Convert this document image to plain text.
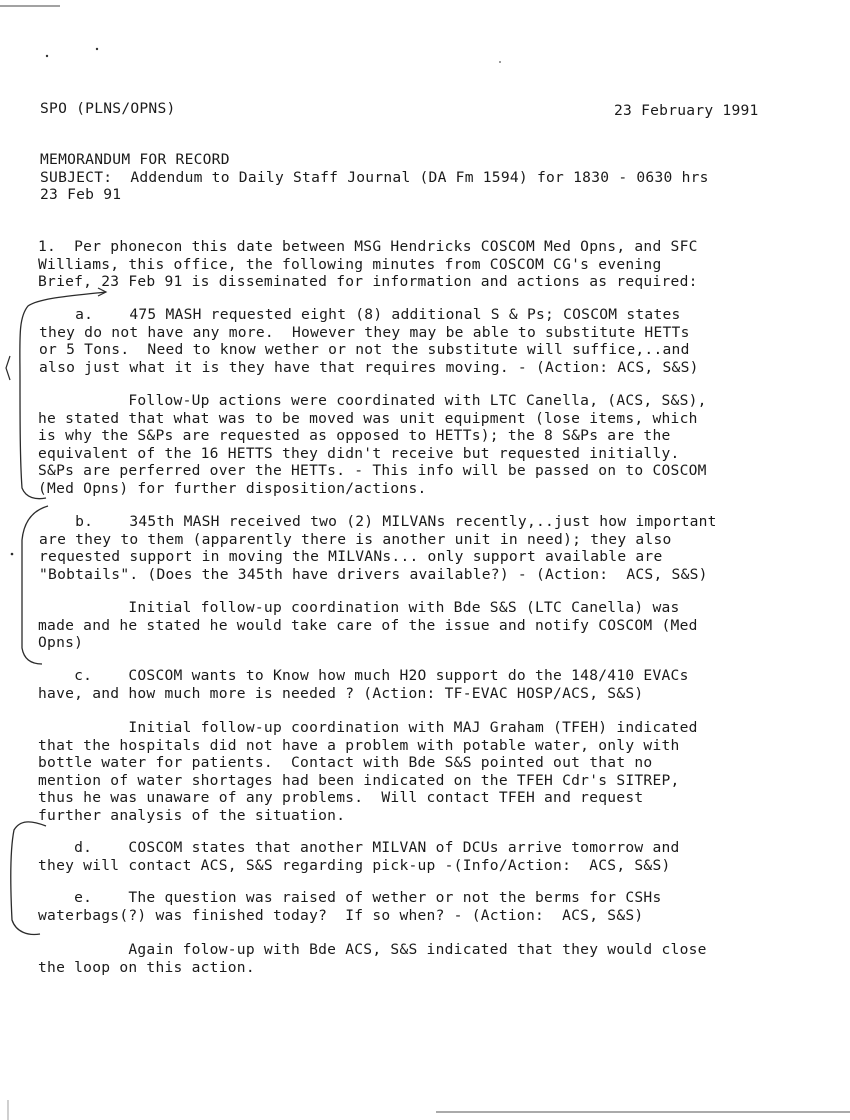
SPO (PLNS/OPNS)	23 February 1991
MEMORANDUM FOR RECORD
SUBJECT:  Addendum to Daily Staff Journal (DA Fm 1594) for 1830 - 0630 hrs
23 Feb 91
1.  Per phonecon this date between MSG Hendricks COSCOM Med Opns, and SFC
Williams, this office, the following minutes from COSCOM CG's evening
Brief, 23 Feb 91 is disseminated for information and actions as required:
a.    475 MASH requested eight (8) additional S & Ps; COSCOM states
they do not have any more.  However they may be able to substitute HETTs
or 5 Tons.  Need to know wether or not the substitute will suffice,..and
also just what it is they have that requires moving. - (Action: ACS, S&S)
Follow-Up actions were coordinated with LTC Canella, (ACS, S&S),
he stated that what was to be moved was unit equipment (lose items, which
is why the S&Ps are requested as opposed to HETTs); the 8 S&Ps are the
equivalent of the 16 HETTS they didn't receive but requested initially.
S&Ps are perferred over the HETTs. - This info will be passed on to COSCOM
(Med Opns) for further disposition/actions.
b.    345th MASH received two (2) MILVANs recently,..just how important
are they to them (apparently there is another unit in need); they also
requested support in moving the MILVANs... only support available are
"Bobtails". (Does the 345th have drivers available?) - (Action:  ACS, S&S)
Initial follow-up coordination with Bde S&S (LTC Canella) was
made and he stated he would take care of the issue and notify COSCOM (Med
Opns)
c.    COSCOM wants to Know how much H2O support do the 148/410 EVACs
have, and how much more is needed ? (Action: TF-EVAC HOSP/ACS, S&S)
Initial follow-up coordination with MAJ Graham (TFEH) indicated
that the hospitals did not have a problem with potable water, only with
bottle water for patients.  Contact with Bde S&S pointed out that no
mention of water shortages had been indicated on the TFEH Cdr's SITREP,
thus he was unaware of any problems.  Will contact TFEH and request
further analysis of the situation.
d.    COSCOM states that another MILVAN of DCUs arrive tomorrow and
they will contact ACS, S&S regarding pick-up -(Info/Action:  ACS, S&S)
e.    The question was raised of wether or not the berms for CSHs
waterbags(?) was finished today?  If so when? - (Action:  ACS, S&S)
Again folow-up with Bde ACS, S&S indicated that they would close
the loop on this action.
